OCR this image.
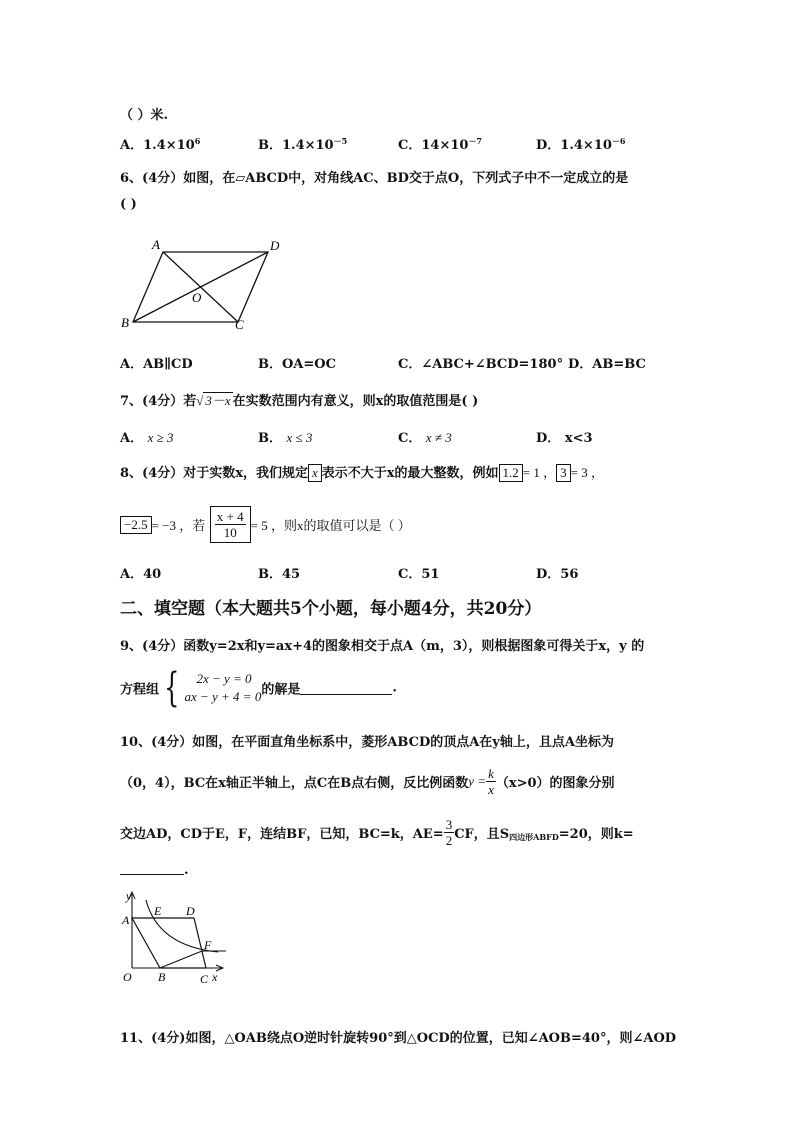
（ ）米.
A．$1.4\times 10^6$	B．$1.4\times 10^{-5}$	C．$14\times 10^{-7}$	D．$1.4\times 10^{-6}$
6、(4分）如图，在▱ABCD中，对角线AC、BD交于点O，下列式子中不一定成立的是
( )
A	D
O
B	C
A．AB∥CD	B．OA=OC	C．∠ABC+∠BCD=180° D．AB=BC
7、(4分）若√ 3－x 在实数范围内有意义，则x的取值范围是( )
A． x ≥ 3	B． x ≤ 3	C． x ≠ 3	D． x<3
8、(4分）对于实数x，我们规定 x 表示不大于x的最大整数，例如 1.2 = 1 ， 3 = 3 ，
−2.5 = −3 ，若 $\frac{x + 4}{10} = 5$ ，则x的取值可以是（ ）
A．40	B．45	C．51	D．56
二、填空题（本大题共5个小题，每小题4分，共20分）
9、(4分）函数y=2x和y=ax+4的图象相交于点A（m，3），则根据图象可得关于x，y 的
方程组 {	2x − y = 0
ax − y + 4 = 0 的解是	.
10、(4分）如图，在平面直角坐标系中，菱形ABCD的顶点A在y轴上，且点A坐标为
（0，4），BC在x轴正半轴上，点C在B点右侧，反比例函数$y = \frac{k}{x} (x>0)$的图象分别
交边AD，CD于E，F，连结BF，已知，BC=k，$AE= \frac{3}{2}$ CF，且$S_{四边形ABFD}=20$，则k=
.
y
A
E D
F
O B	C x
11、(4分)如图，△OAB绕点O逆时针旋转90°到△OCD的位置，已知∠AOB=40°，则∠AOD
